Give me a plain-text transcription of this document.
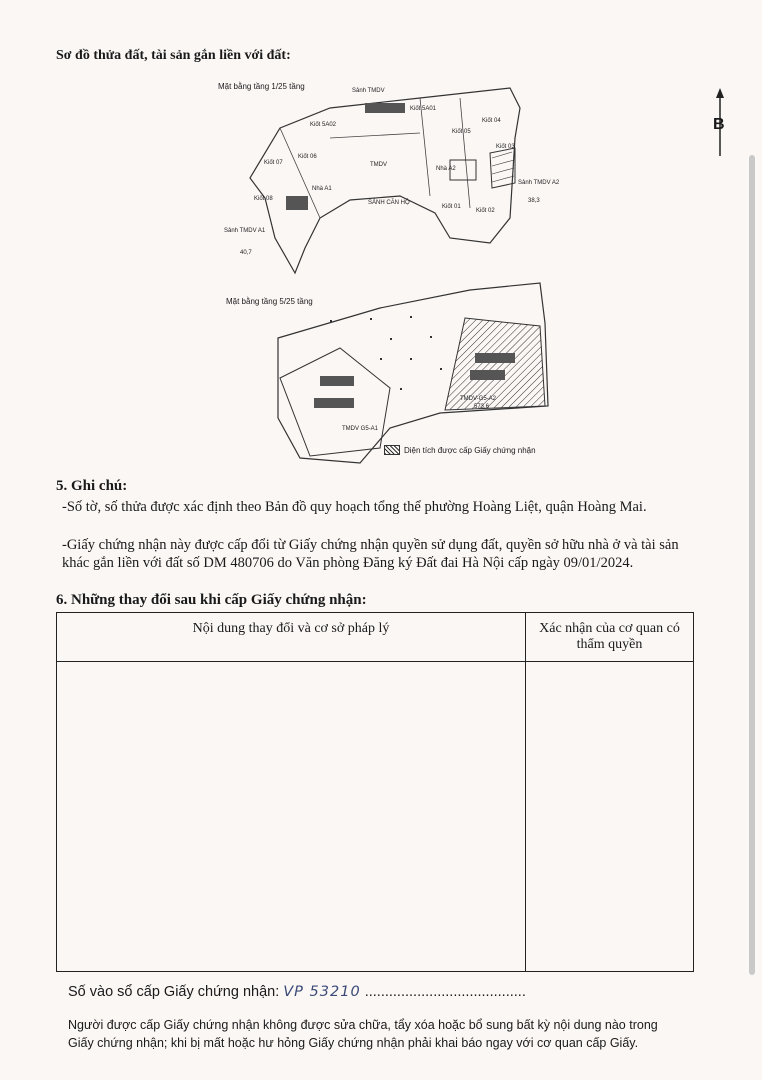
Sơ đồ thửa đất, tài sản gắn liền với đất:
B
Mặt bằng tầng 1/25 tầng	Sảnh TMDV
Kiốt 5A01
Kiốt 5A02
Kiốt 05
Kiốt 04
Kiốt 03
Kiốt 07
Kiốt 06
Kiốt 08
Kiốt 01
Kiốt 02
TMDV
Nhà A2
Nhà A1
SẢNH CĂN HỘ
Sảnh TMDV A2
38,3
Sảnh TMDV A1
40,7
Mặt bằng tầng 5/25 tầng
TMDV G5-A1
TMDV-G5-A2
573,6
Diện tích được cấp Giấy chứng nhận
5. Ghi chú:
-Số tờ, số thửa được xác định theo Bản đồ quy hoạch tổng thể phường Hoàng Liệt, quận Hoàng Mai.
-Giấy chứng nhận này được cấp đổi từ Giấy chứng nhận quyền sử dụng đất, quyền sở hữu nhà ở và tài sản khác gắn liền với đất số DM 480706 do Văn phòng Đăng ký Đất đai Hà Nội cấp ngày 09/01/2024.
6. Những thay đổi sau khi cấp Giấy chứng nhận:
Nội dung thay đổi và cơ sở pháp lý	Xác nhận của cơ quan có thẩm quyền

Số vào sổ cấp Giấy chứng nhận: VP 53210 ........................................
Người được cấp Giấy chứng nhận không được sửa chữa, tẩy xóa hoặc bổ sung bất kỳ nội dung nào trong
Giấy chứng nhận; khi bị mất hoặc hư hỏng Giấy chứng nhận phải khai báo ngay với cơ quan cấp Giấy.
